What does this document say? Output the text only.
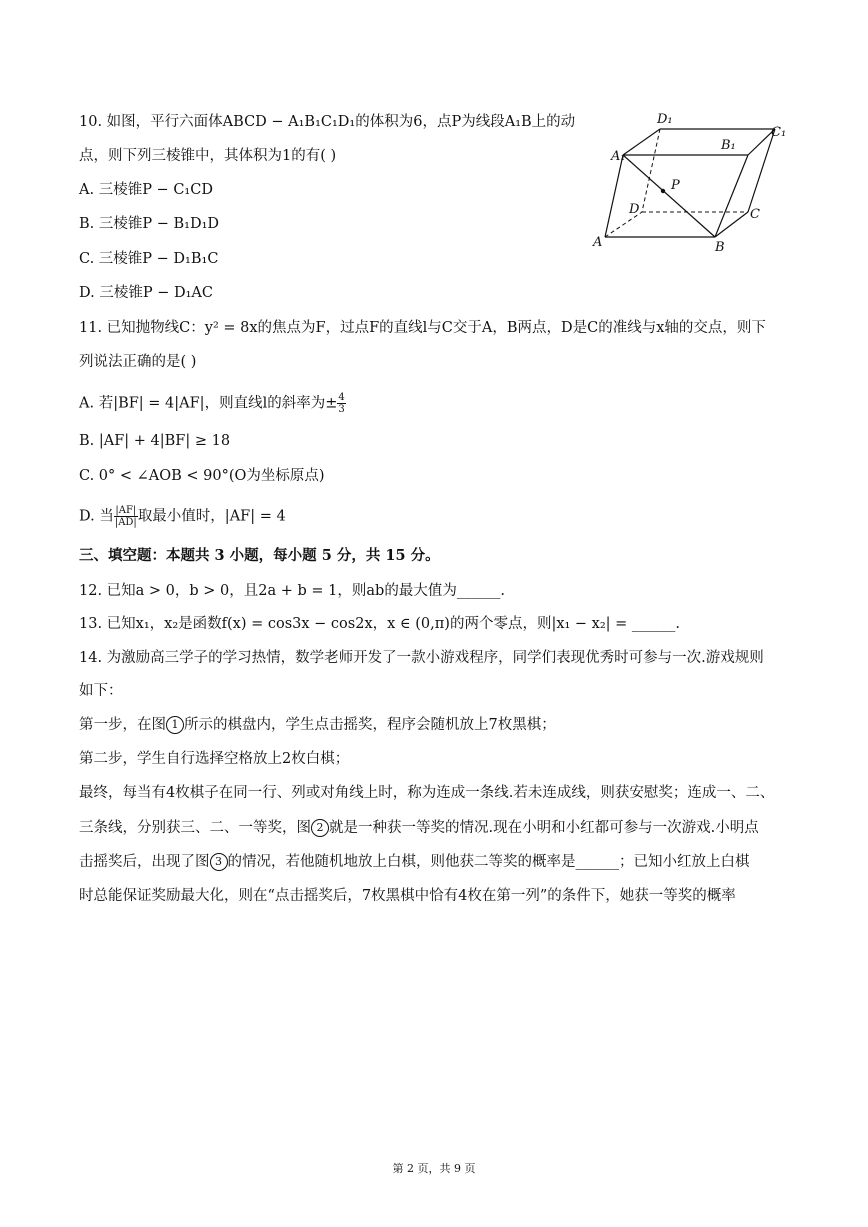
10. 如图，平行六面体ABCD − A₁B₁C₁D₁的体积为6，点P为线段A₁B上的动
点，则下列三棱锥中，其体积为1的有( )
A. 三棱锥P − C₁CD
B. 三棱锥P − B₁D₁D
C. 三棱锥P − D₁B₁C
D. 三棱锥P − D₁AC
D₁
C₁
A₁
B₁
P
D	C
A	B
11. 已知抛物线C：y² = 8x的焦点为F，过点F的直线l与C交于A，B两点，D是C的准线与x轴的交点，则下
列说法正确的是( )
A. 若|BF| = 4|AF|，则直线l的斜率为± $\frac{4}{3}$
B. |AF| + 4|BF| ≥ 18
C. 0° < ∠AOB < 90°(O为坐标原点)
D. 当 $\frac{|AF|}{|AD|}$ 取最小值时，|AF| = 4
三、填空题：本题共 3 小题，每小题 5 分，共 15 分。
12. 已知a > 0，b > 0，且2a + b = 1，则ab的最大值为______.
13. 已知x₁，x₂是函数f(x) = cos3x − cos2x，x ∈ (0,π)的两个零点，则|x₁ − x₂| = ______.
14. 为激励高三学子的学习热情，数学老师开发了一款小游戏程序，同学们表现优秀时可参与一次.游戏规则
如下：
第一步，在图 1 所示的棋盘内，学生点击摇奖，程序会随机放上7枚黑棋；
第二步，学生自行选择空格放上2枚白棋；
最终，每当有4枚棋子在同一行、列或对角线上时，称为连成一条线.若未连成线，则获安慰奖；连成一、二、
三条线，分别获三、二、一等奖，图 2 就是一种获一等奖的情况.现在小明和小红都可参与一次游戏.小明点
击摇奖后，出现了图 3 的情况，若他随机地放上白棋，则他获二等奖的概率是______；已知小红放上白棋
时总能保证奖励最大化，则在“点击摇奖后，7枚黑棋中恰有4枚在第一列”的条件下，她获一等奖的概率
第 2 页，共 9 页
